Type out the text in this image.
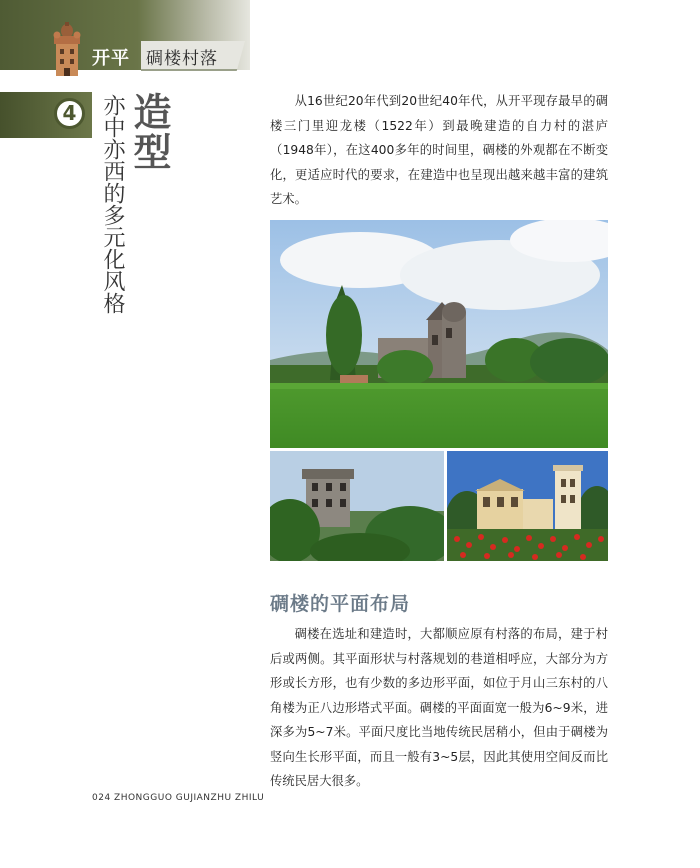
开平 碉楼村落
4	亦中亦西的多元化风格 造型	从16世纪20年代到20世纪40年代，从开平现存最早的碉楼三门里迎龙楼（1522年）到最晚建造的自力村的湛庐（1948年），在这400多年的时间里，碉楼的外观都在不断变化，更适应时代的要求，在建造中也呈现出越来越丰富的建筑艺术。
碉楼的平面布局
碉楼在选址和建造时，大都顺应原有村落的布局，建于村后或两侧。其平面形状与村落规划的巷道相呼应，大部分为方形或长方形，也有少数的多边形平面，如位于月山三东村的八角楼为正八边形塔式平面。碉楼的平面面宽一般为6~9米，进深多为5~7米。平面尺度比当地传统民居稍小，但由于碉楼为竖向生长形平面，而且一般有3~5层，因此其使用空间反而比传统民居大很多。
024 ZHONGGUO GUJIANZHU ZHILU
